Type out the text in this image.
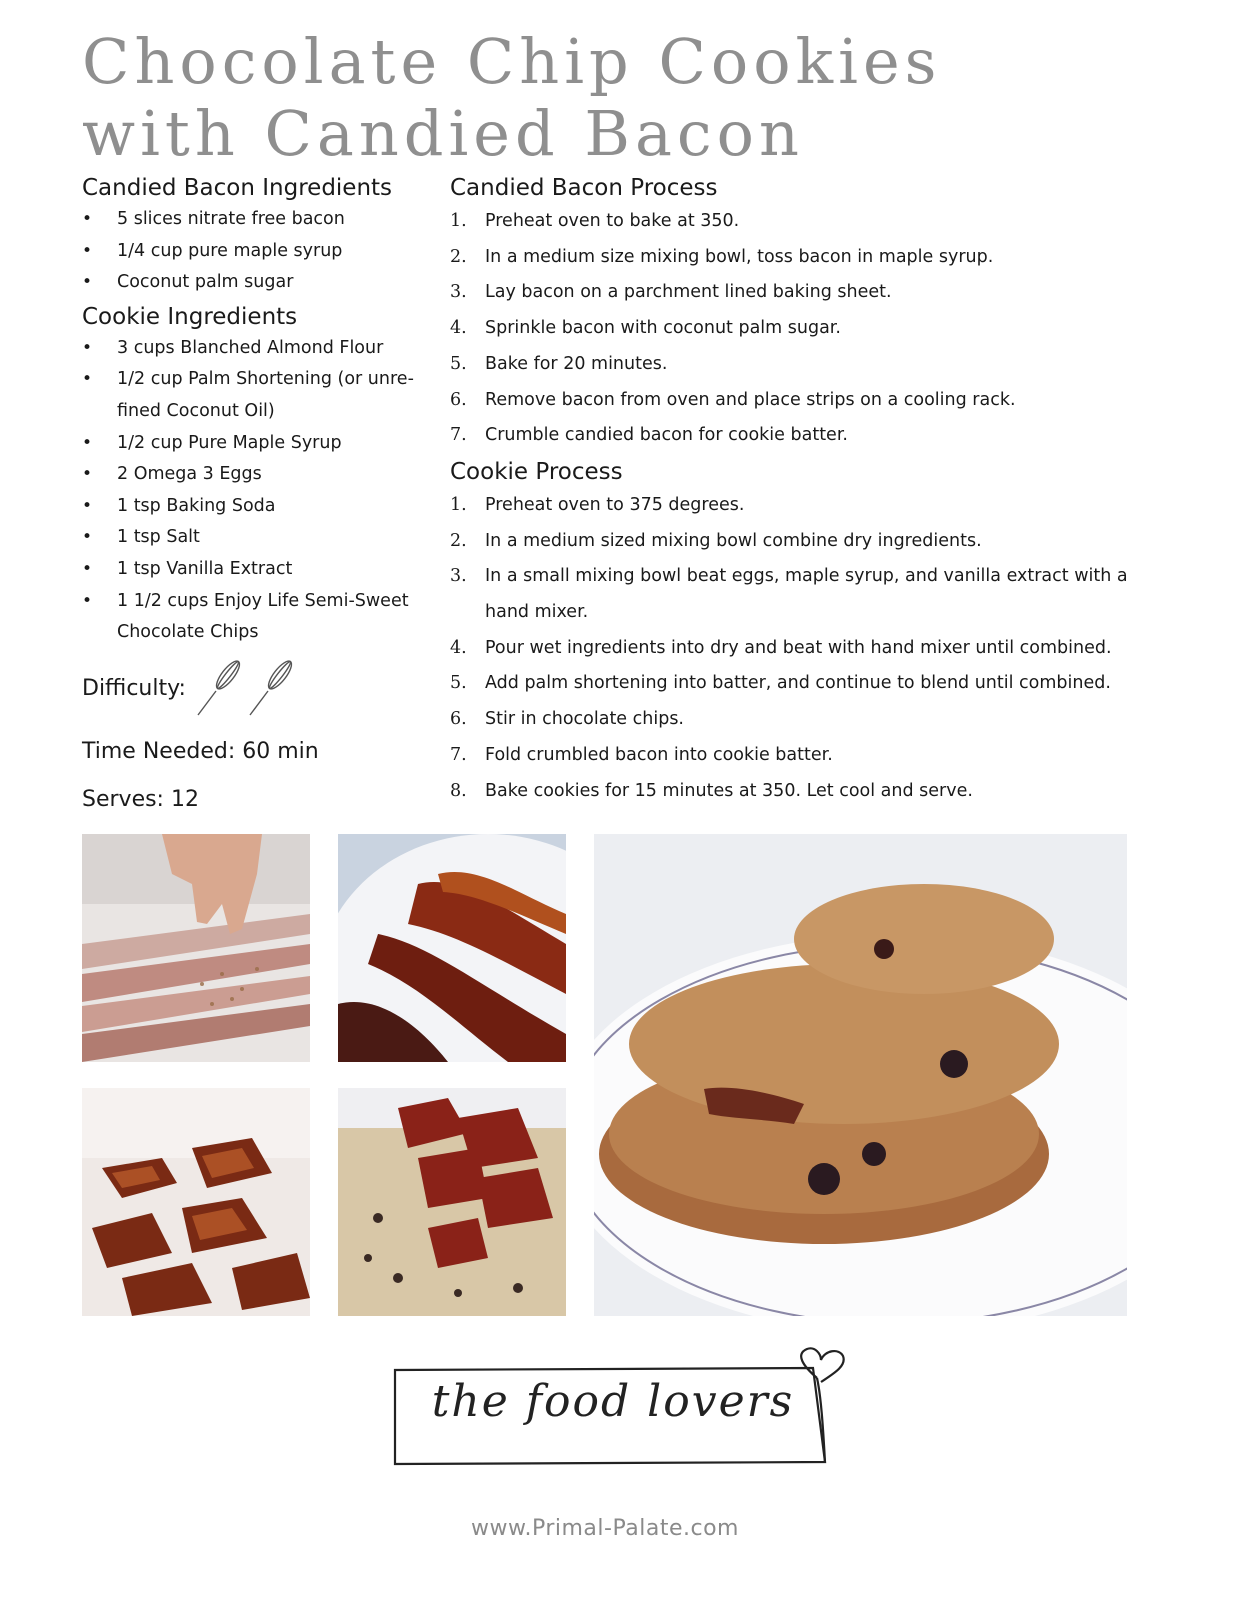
Chocolate Chip Cookies
with Candied Bacon
Candied Bacon Ingredients
• 5 slices nitrate free bacon
• 1/4 cup pure maple syrup
• Coconut palm sugar
Cookie Ingredients
• 3 cups Blanched Almond Flour
• 1/2 cup Palm Shortening (or unre-fined Coconut Oil)
• 1/2 cup Pure Maple Syrup
• 2 Omega 3 Eggs
• 1 tsp Baking Soda
• 1 tsp Salt
• 1 tsp Vanilla Extract
• 1 1/2 cups Enjoy Life Semi-Sweet Chocolate Chips
Difficulty:
Time Needed: 60 min
Serves: 12
Candied Bacon Process
1. Preheat oven to bake at 350.
2. In a medium size mixing bowl, toss bacon in maple syrup.
3. Lay bacon on a parchment lined baking sheet.
4. Sprinkle bacon with coconut palm sugar.
5. Bake for 20 minutes.
6. Remove bacon from oven and place strips on a cooling rack.
7. Crumble candied bacon for cookie batter.
Cookie Process
1. Preheat oven to 375 degrees.
2. In a medium sized mixing bowl combine dry ingredients.
3. In a small mixing bowl beat eggs, maple syrup, and vanilla extract with a hand mixer.
4. Pour wet ingredients into dry and beat with hand mixer until combined.
5. Add palm shortening into batter, and continue to blend until combined.
6. Stir in chocolate chips.
7. Fold crumbled bacon into cookie batter.
8. Bake cookies for 15 minutes at 350. Let cool and serve.
the food lovers
www.Primal-Palate.com
